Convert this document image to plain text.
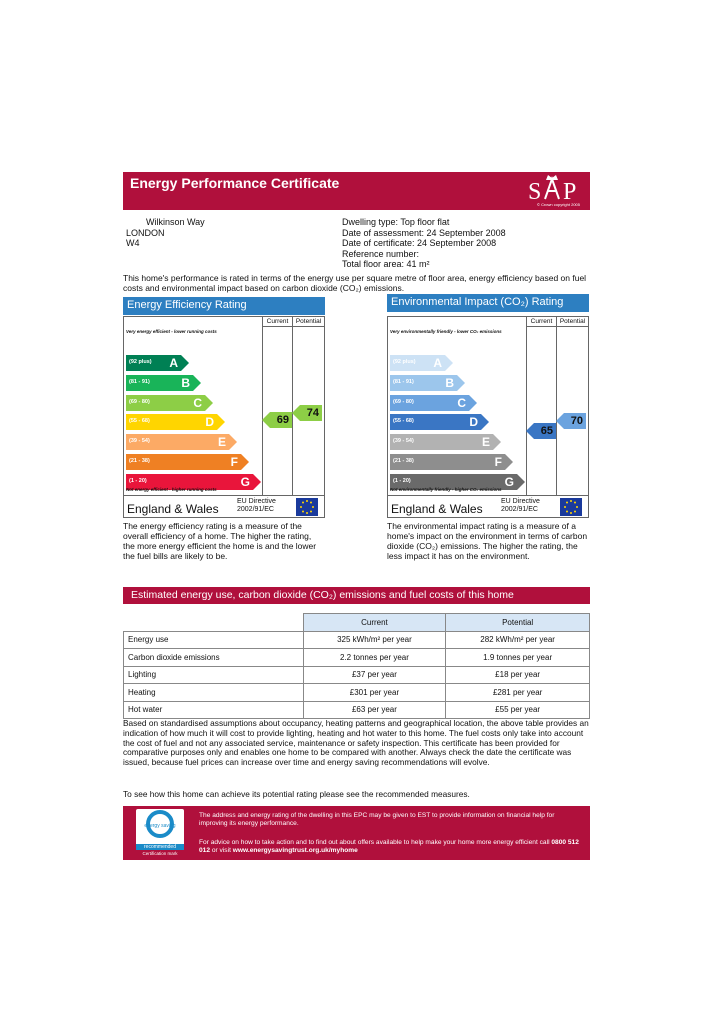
Energy Performance Certificate	S P
© Crown copyright 2005
Wilkinson Way
LONDON
W4
Dwelling type: Top floor flat
Date of assessment: 24 September 2008
Date of certificate: 24 September 2008
Reference number:
Total floor area: 41 m²
This home's performance is rated in terms of the energy use per square metre of floor area, energy efficiency based on fuel costs and environmental impact based on carbon dioxide (CO₂) emissions.
Energy Efficiency Rating
Current	Potential
Very energy efficient - lower running costs
(92 plus) A
(81 - 91)	B
(69 - 80)	C
(55 - 68)	D
(39 - 54)	E
(21 - 38)	F
(1 - 20)	G
69
74
Not energy efficient - higher running costs
England & Wales
EU Directive 2002/91/EC
The energy efficiency rating is a measure of the overall efficiency of a home. The higher the rating, the more energy efficient the home is and the lower the fuel bills are likely to be.
Environmental Impact (CO₂) Rating
Current	Potential
Very environmentally friendly - lower CO₂ emissions
(92 plus) A
(81 - 91)	B
(69 - 80)	C
(55 - 68)	D
(39 - 54)	E
(21 - 38)	F
(1 - 20)	G
65
70
Not environmentally friendly - higher CO₂ emissions
England & Wales
EU Directive 2002/91/EC
The environmental impact rating is a measure of a home's impact on the environment in terms of carbon dioxide (CO₂) emissions. The higher the rating, the less impact it has on the environment.
Estimated energy use, carbon dioxide (CO₂) emissions and fuel costs of this home
	Current	Potential
Energy use	325 kWh/m² per year	282 kWh/m² per year
Carbon dioxide emissions	2.2 tonnes per year	1.9 tonnes per year
Lighting	£37 per year	£18 per year
Heating	£301 per year	£281 per year
Hot water	£63 per year	£55 per year
Based on standardised assumptions about occupancy, heating patterns and geographical location, the above table provides an indication of how much it will cost to provide lighting, heating and hot water to this home. The fuel costs only take into account the cost of fuel and not any associated service, maintenance or safety inspection. This certificate has been provided for comparative purposes only and enables one home to be compared with another. Always check the date the certificate was issued, because fuel prices can increase over time and energy saving recommendations will evolve.
To see how this home can achieve its potential rating please see the recommended measures.
energy saving
recommended
Certification mark
The address and energy rating of the dwelling in this EPC may be given to EST to provide information on financial help for improving its energy performance.
For advice on how to take action and to find out about offers available to help make your home more energy efficient call 0800 512 012 or visit www.energysavingtrust.org.uk/myhome
